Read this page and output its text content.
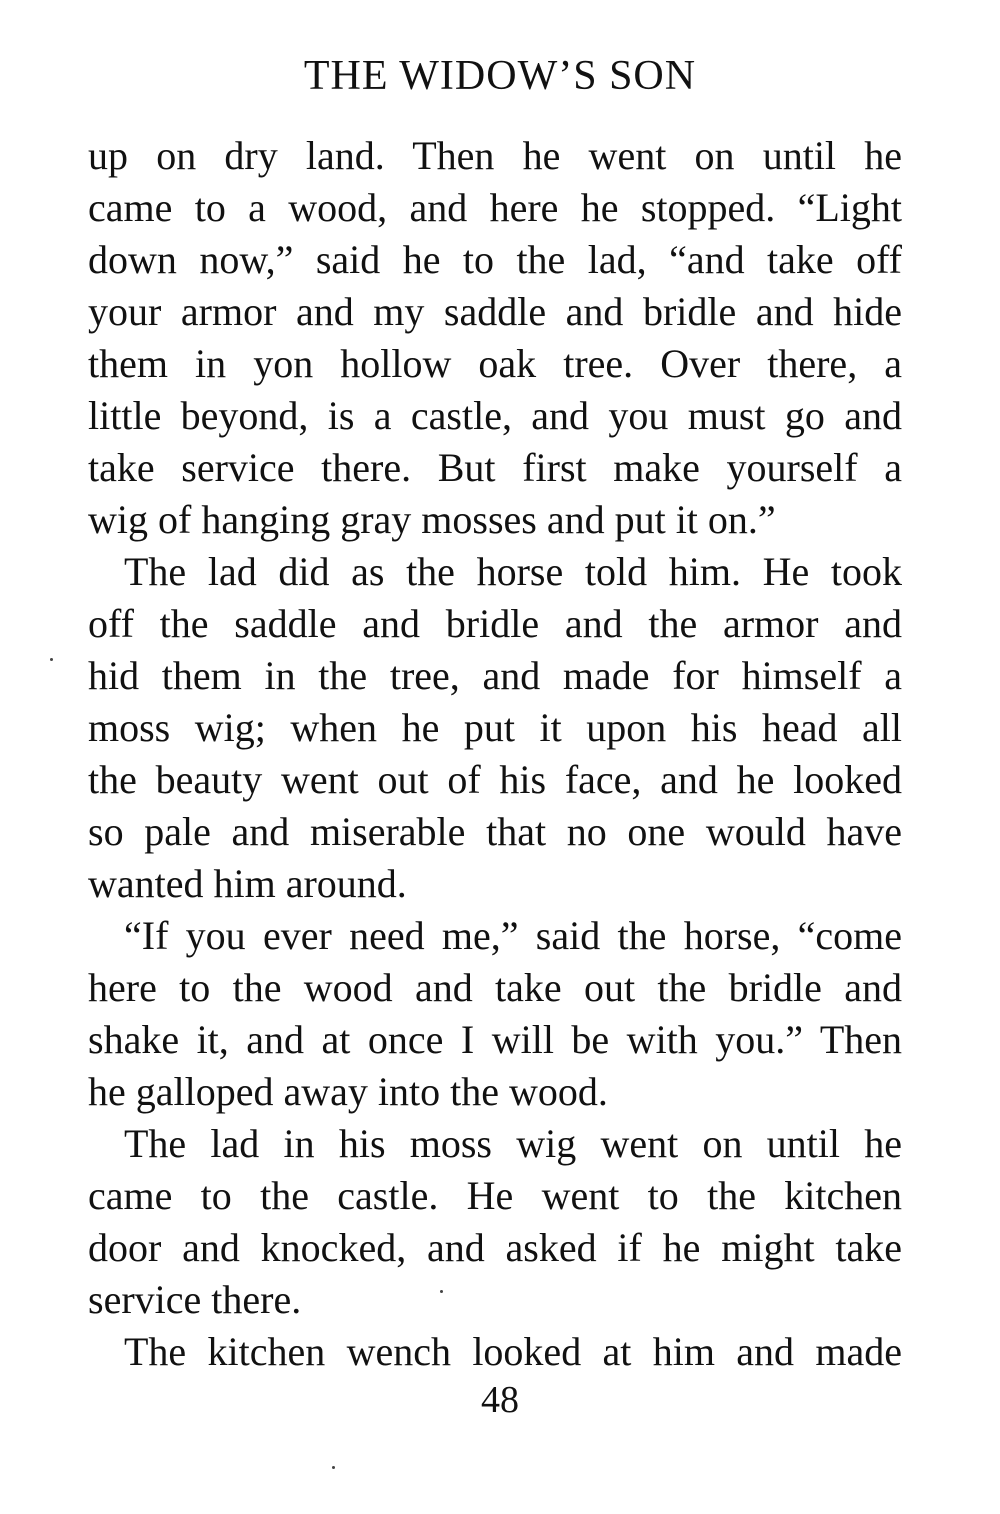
THE WIDOW’S SON
up on dry land. Then he went on until he
came to a wood, and here he stopped. “Light
down now,” said he to the lad, “and take off
your armor and my saddle and bridle and hide
them in yon hollow oak tree. Over there, a
little beyond, is a castle, and you must go and
take service there. But first make yourself a
wig of hanging gray mosses and put it on.”
The lad did as the horse told him. He took
off the saddle and bridle and the armor and
hid them in the tree, and made for himself a
moss wig; when he put it upon his head all
the beauty went out of his face, and he looked
so pale and miserable that no one would have
wanted him around.
“If you ever need me,” said the horse, “come
here to the wood and take out the bridle and
shake it, and at once I will be with you.” Then
he galloped away into the wood.
The lad in his moss wig went on until he
came to the castle. He went to the kitchen
door and knocked, and asked if he might take
service there.
The kitchen wench looked at him and made
48
